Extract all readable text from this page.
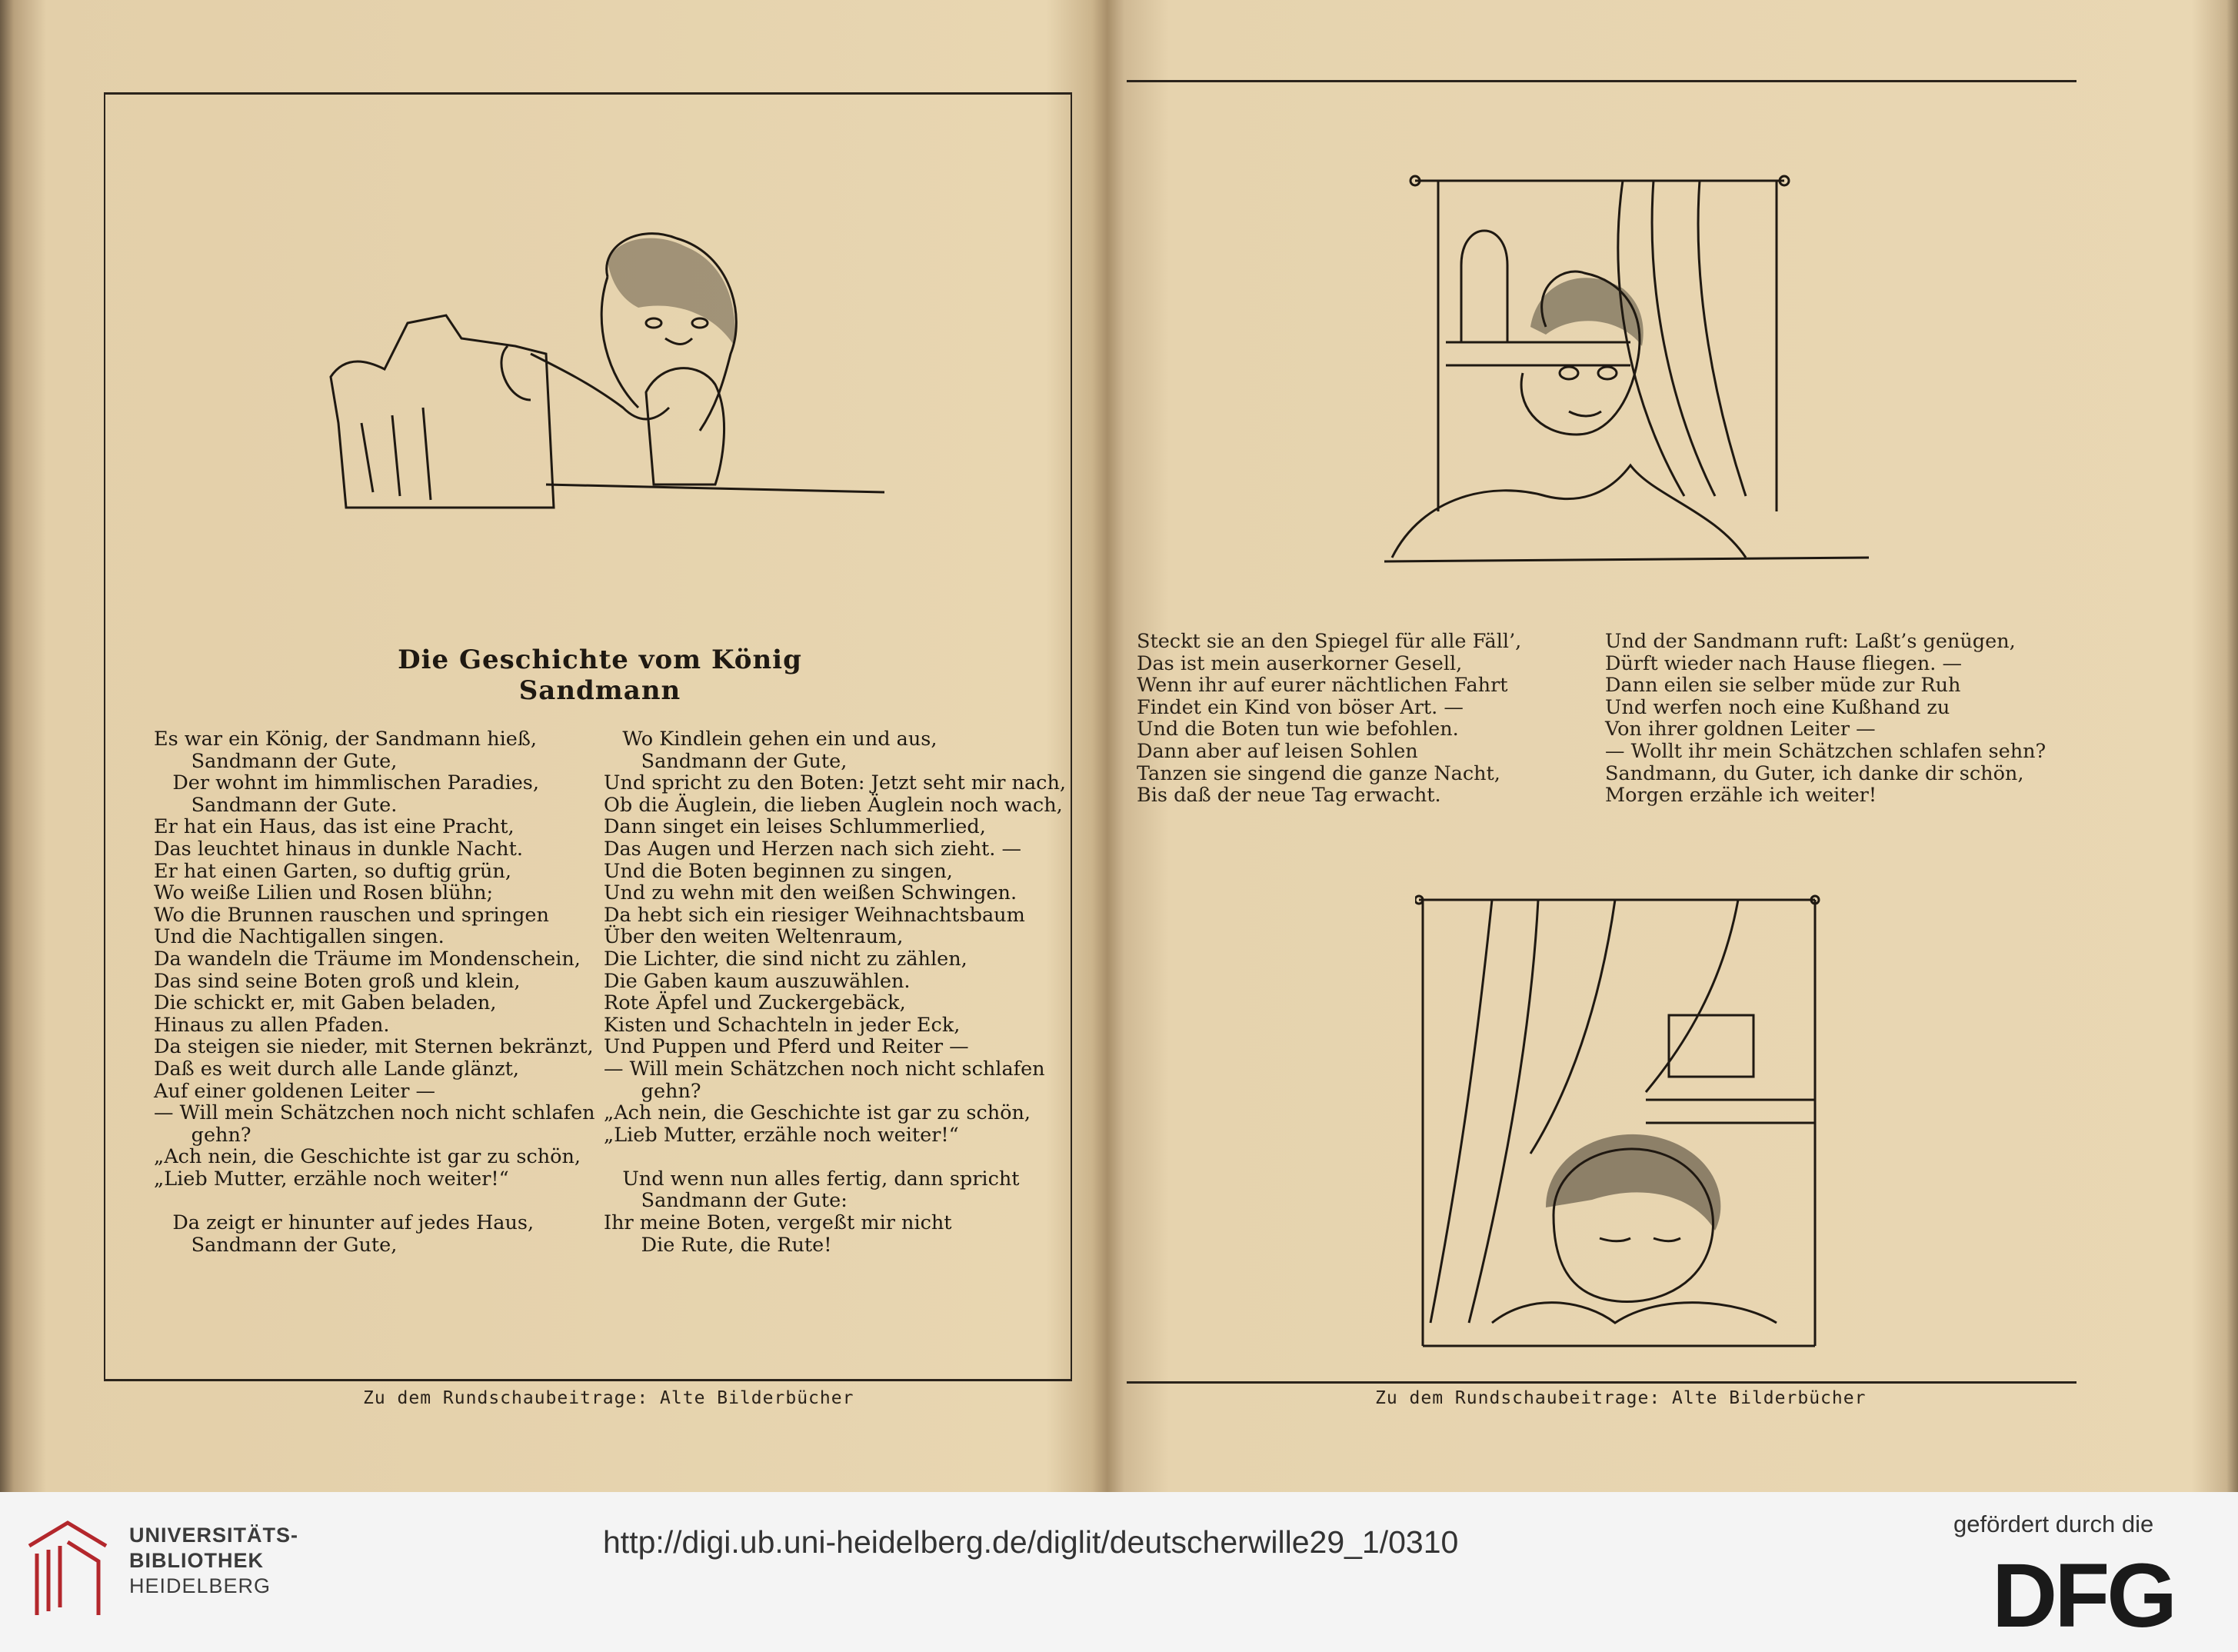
Die Geschichte vom König Sandmann
Es war ein König, der Sandmann hieß,
Sandmann der Gute,
Der wohnt im himmlischen Paradies,
Sandmann der Gute.
Er hat ein Haus, das ist eine Pracht,
Das leuchtet hinaus in dunkle Nacht.
Er hat einen Garten, so duftig grün,
Wo weiße Lilien und Rosen blühn;
Wo die Brunnen rauschen und springen
Und die Nachtigallen singen.
Da wandeln die Träume im Mondenschein,
Das sind seine Boten groß und klein,
Die schickt er, mit Gaben beladen,
Hinaus zu allen Pfaden.
Da steigen sie nieder, mit Sternen bekränzt,
Daß es weit durch alle Lande glänzt,
Auf einer goldenen Leiter —
— Will mein Schätzchen noch nicht schlafen
gehn?
„Ach nein, die Geschichte ist gar zu schön,
„Lieb Mutter, erzähle noch weiter!“

Da zeigt er hinunter auf jedes Haus,
Sandmann der Gute,
Wo Kindlein gehen ein und aus,
Sandmann der Gute,
Und spricht zu den Boten: Jetzt seht mir nach,
Ob die Äuglein, die lieben Äuglein noch wach,
Dann singet ein leises Schlummerlied,
Das Augen und Herzen nach sich zieht. —
Und die Boten beginnen zu singen,
Und zu wehn mit den weißen Schwingen.
Da hebt sich ein riesiger Weihnachtsbaum
Über den weiten Weltenraum,
Die Lichter, die sind nicht zu zählen,
Die Gaben kaum auszuwählen.
Rote Äpfel und Zuckergebäck,
Kisten und Schachteln in jeder Eck,
Und Puppen und Pferd und Reiter —
— Will mein Schätzchen noch nicht schlafen
gehn?
„Ach nein, die Geschichte ist gar zu schön,
„Lieb Mutter, erzähle noch weiter!“

Und wenn nun alles fertig, dann spricht
Sandmann der Gute:
Ihr meine Boten, vergeßt mir nicht
Die Rute, die Rute!
Zu dem Rundschaubeitrage: Alte Bilderbücher
Steckt sie an den Spiegel für alle Fäll’,
Das ist mein auserkorner Gesell,
Wenn ihr auf eurer nächtlichen Fahrt
Findet ein Kind von böser Art. —
Und die Boten tun wie befohlen.
Dann aber auf leisen Sohlen
Tanzen sie singend die ganze Nacht,
Bis daß der neue Tag erwacht.
Und der Sandmann ruft: Laßt’s genügen,
Dürft wieder nach Hause fliegen. —
Dann eilen sie selber müde zur Ruh
Und werfen noch eine Kußhand zu
Von ihrer goldnen Leiter —
— Wollt ihr mein Schätzchen schlafen sehn?
Sandmann, du Guter, ich danke dir schön,
Morgen erzähle ich weiter!
Zu dem Rundschaubeitrage: Alte Bilderbücher
UNIVERSITÄTS-
BIBLIOTHEK
HEIDELBERG
http://digi.ub.uni-heidelberg.de/diglit/deutscherwille29_1/0310
gefördert durch die
DFG
